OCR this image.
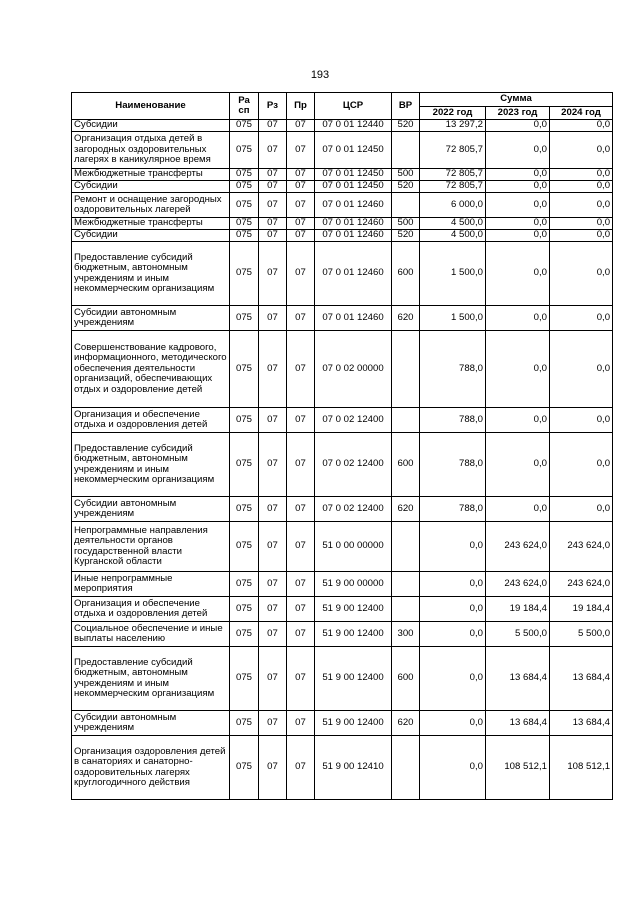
193
Наименование	Ра сп	Рз	Пр	ЦСР	ВР	Сумма		
						2022 год	2023 год	2024 год
Субсидии	075	07	07	07 0 01 12440	520	13 297,2	0,0	0,0
Организация отдыха детей в загородных оздоровительных лагерях в каникулярное время	075	07	07	07 0 01 12450		72 805,7	0,0	0,0
Межбюджетные трансферты	075	07	07	07 0 01 12450	500	72 805,7	0,0	0,0
Субсидии	075	07	07	07 0 01 12450	520	72 805,7	0,0	0,0
Ремонт и оснащение загородных оздоровительных лагерей	075	07	07	07 0 01 12460		6 000,0	0,0	0,0
Межбюджетные трансферты	075	07	07	07 0 01 12460	500	4 500,0	0,0	0,0
Субсидии	075	07	07	07 0 01 12460	520	4 500,0	0,0	0,0
Предоставление субсидий бюджетным, автономным учреждениям и иным некоммерческим организациям	075	07	07	07 0 01 12460	600	1 500,0	0,0	0,0
Субсидии автономным учреждениям	075	07	07	07 0 01 12460	620	1 500,0	0,0	0,0
Совершенствование кадрового, информационного, методического обеспечения деятельности организаций, обеспечивающих отдых и оздоровление детей	075	07	07	07 0 02 00000		788,0	0,0	0,0
Организация и обеспечение отдыха и оздоровления детей	075	07	07	07 0 02 12400		788,0	0,0	0,0
Предоставление субсидий бюджетным, автономным учреждениям и иным некоммерческим организациям	075	07	07	07 0 02 12400	600	788,0	0,0	0,0
Субсидии автономным учреждениям	075	07	07	07 0 02 12400	620	788,0	0,0	0,0
Непрограммные направления деятельности органов государственной власти Курганской области	075	07	07	51 0 00 00000		0,0	243 624,0	243 624,0
Иные непрограммные мероприятия	075	07	07	51 9 00 00000		0,0	243 624,0	243 624,0
Организация и обеспечение отдыха и оздоровления детей	075	07	07	51 9 00 12400		0,0	19 184,4	19 184,4
Социальное обеспечение и иные выплаты населению	075	07	07	51 9 00 12400	300	0,0	5 500,0	5 500,0
Предоставление субсидий бюджетным, автономным учреждениям и иным некоммерческим организациям	075	07	07	51 9 00 12400	600	0,0	13 684,4	13 684,4
Субсидии автономным учреждениям	075	07	07	51 9 00 12400	620	0,0	13 684,4	13 684,4
Организация оздоровления детей в санаториях и санаторно-оздоровительных лагерях круглогодичного действия	075	07	07	51 9 00 12410		0,0	108 512,1	108 512,1
